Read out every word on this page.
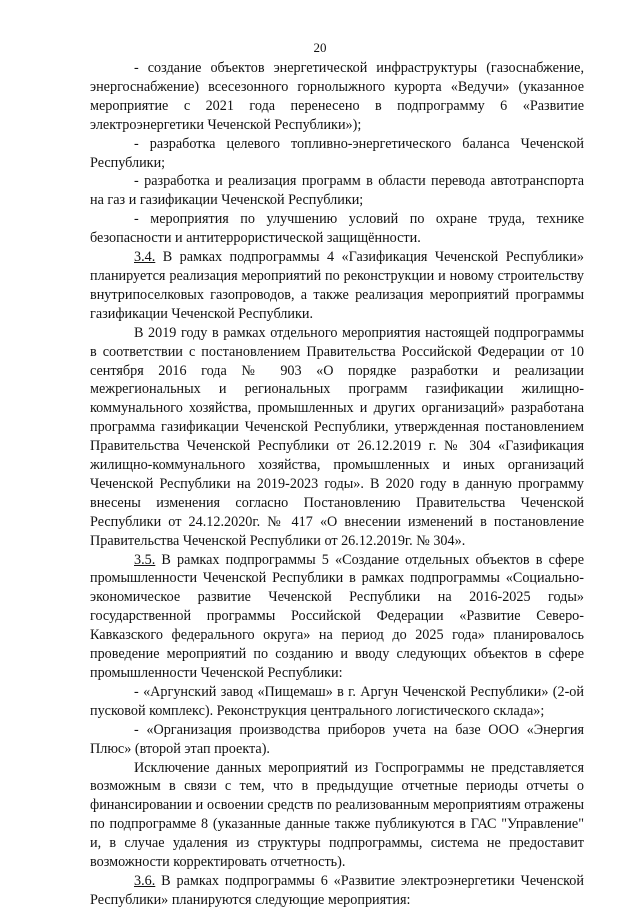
20

- создание объектов энергетической инфраструктуры (газоснабжение, энергоснабжение) всесезонного горнолыжного курорта «Ведучи» (указанное мероприятие с 2021 года перенесено в подпрограмму 6 «Развитие электроэнергетики Чеченской Республики»);

- разработка целевого топливно-энергетического баланса Чеченской Республики;

- разработка и реализация программ в области перевода автотранспорта на газ и газификации Чеченской Республики;

- мероприятия по улучшению условий по охране труда, технике безопасности и антитеррористической защищённости.

3.4. В рамках подпрограммы 4 «Газификация Чеченской Республики» планируется реализация мероприятий по реконструкции и новому строительству внутрипоселковых газопроводов, а также реализация мероприятий программы газификации Чеченской Республики.

В 2019 году в рамках отдельного мероприятия настоящей подпрограммы в соответствии с постановлением Правительства Российской Федерации от 10 сентября 2016 года № 903 «О порядке разработки и реализации межрегиональных и региональных программ газификации жилищно-коммунального хозяйства, промышленных и других организаций» разработана программа газификации Чеченской Республики, утвержденная постановлением Правительства Чеченской Республики от 26.12.2019 г. № 304 «Газификация жилищно-коммунального хозяйства, промышленных и иных организаций Чеченской Республики на 2019-2023 годы». В 2020 году в данную программу внесены изменения согласно Постановлению Правительства Чеченской Республики от 24.12.2020г. № 417 «О внесении изменений в постановление Правительства Чеченской Республики от 26.12.2019г. № 304».

3.5. В рамках подпрограммы 5 «Создание отдельных объектов в сфере промышленности Чеченской Республики в рамках подпрограммы «Социально-экономическое развитие Чеченской Республики на 2016-2025 годы» государственной программы Российской Федерации «Развитие Северо-Кавказского федерального округа» на период до 2025 года» планировалось проведение мероприятий по созданию и вводу следующих объектов в сфере промышленности Чеченской Республики:

- «Аргунский завод «Пищемаш» в г. Аргун Чеченской Республики» (2-ой пусковой комплекс). Реконструкция центрального логистического склада»;

- «Организация производства приборов учета на базе ООО «Энергия Плюс» (второй этап проекта).

Исключение данных мероприятий из Госпрограммы не представляется возможным в связи с тем, что в предыдущие отчетные периоды отчеты о финансировании и освоении средств по реализованным мероприятиям отражены по подпрограмме 8 (указанные данные также публикуются в ГАС "Управление" и, в случае удаления из структуры подпрограммы, система не предоставит возможности корректировать отчетность).

3.6. В рамках подпрограммы 6 «Развитие электроэнергетики Чеченской Республики» планируются следующие мероприятия:
